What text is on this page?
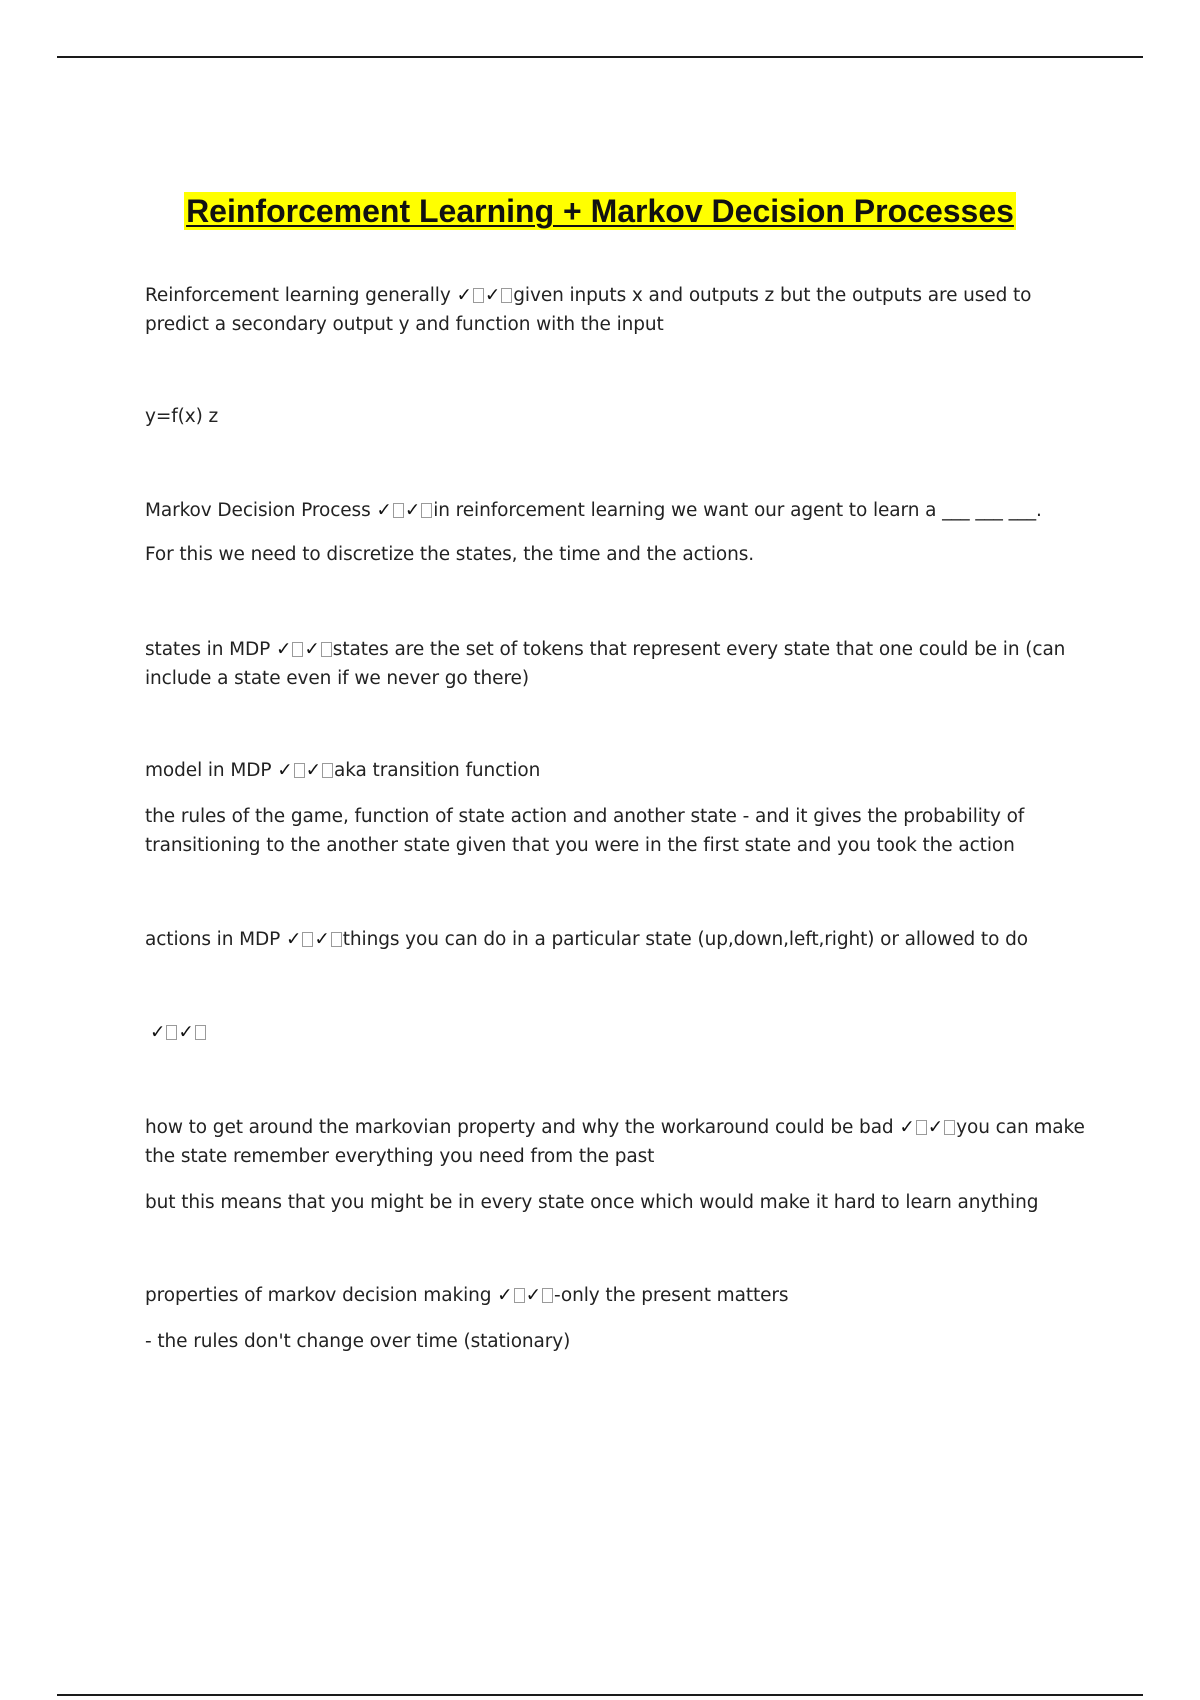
Reinforcement Learning + Markov Decision Processes

Reinforcement learning generally ✓ ✓ given inputs x and outputs z but the outputs are used to predict a secondary output y and function with the input

y=f(x) z

Markov Decision Process ✓ ✓ in reinforcement learning we want our agent to learn a ___ ___ ___.

For this we need to discretize the states, the time and the actions.

states in MDP ✓ ✓ states are the set of tokens that represent every state that one could be in (can include a state even if we never go there)

model in MDP ✓ ✓ aka transition function

the rules of the game, function of state action and another state - and it gives the probability of transitioning to the another state given that you were in the first state and you took the action

actions in MDP ✓ ✓ things you can do in a particular state (up,down,left,right) or allowed to do

✓ ✓

how to get around the markovian property and why the workaround could be bad ✓ ✓ you can make the state remember everything you need from the past

but this means that you might be in every state once which would make it hard to learn anything

properties of markov decision making ✓ ✓ -only the present matters

- the rules don't change over time (stationary)
